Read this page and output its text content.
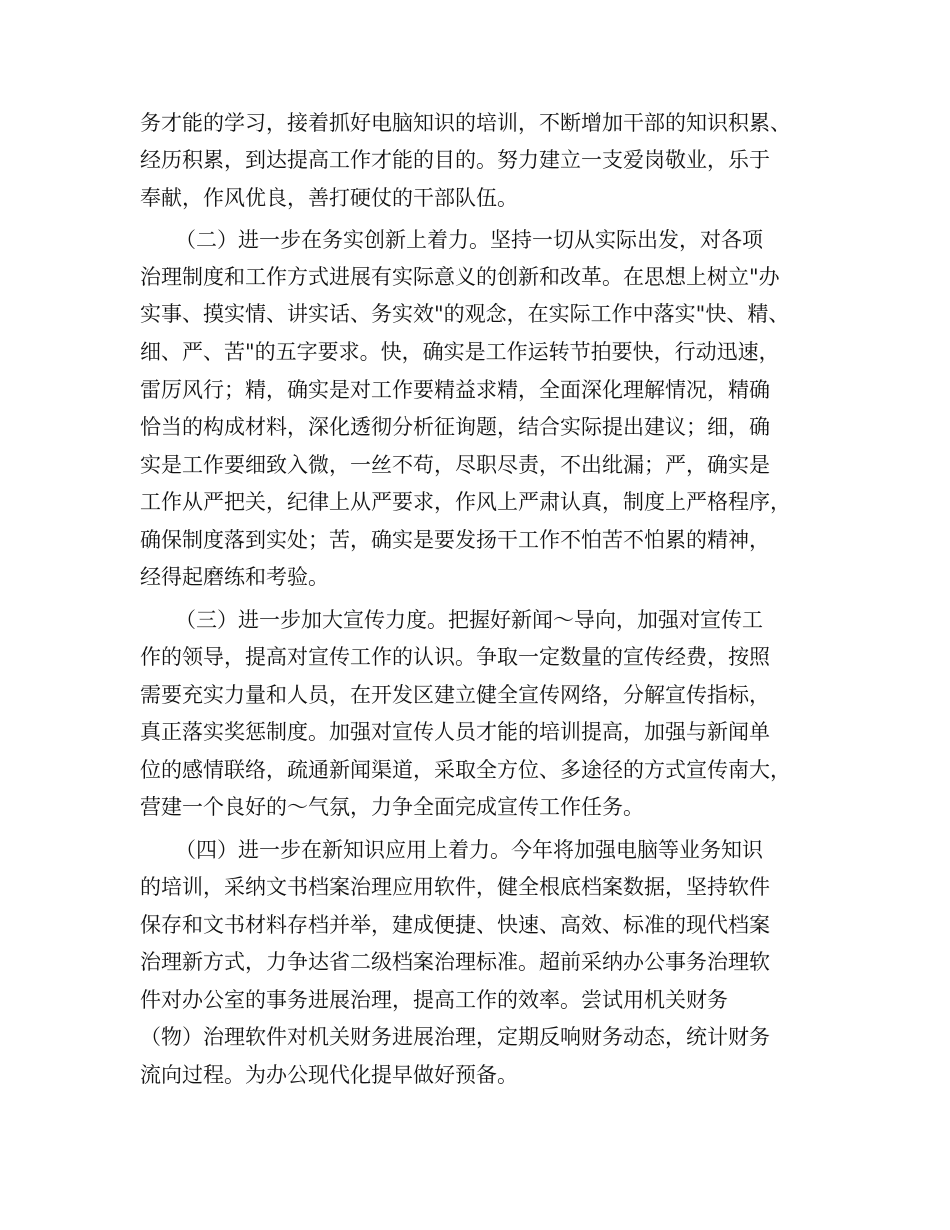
务才能的学习，接着抓好电脑知识的培训，不断增加干部的知识积累、
经历积累，到达提高工作才能的目的。努力建立一支爱岗敬业，乐于
奉献，作风优良，善打硬仗的干部队伍。
（二）进一步在务实创新上着力。坚持一切从实际出发，对各项
治理制度和工作方式进展有实际意义的创新和改革。在思想上树立"办
实事、摸实情、讲实话、务实效"的观念，在实际工作中落实"快、精、
细、严、苦"的五字要求。快，确实是工作运转节拍要快，行动迅速，
雷厉风行；精，确实是对工作要精益求精，全面深化理解情况，精确
恰当的构成材料，深化透彻分析征询题，结合实际提出建议；细，确
实是工作要细致入微，一丝不苟，尽职尽责，不出纰漏；严，确实是
工作从严把关，纪律上从严要求，作风上严肃认真，制度上严格程序，
确保制度落到实处；苦，确实是要发扬干工作不怕苦不怕累的精神，
经得起磨练和考验。
（三）进一步加大宣传力度。把握好新闻～导向，加强对宣传工
作的领导，提高对宣传工作的认识。争取一定数量的宣传经费，按照
需要充实力量和人员，在开发区建立健全宣传网络，分解宣传指标，
真正落实奖惩制度。加强对宣传人员才能的培训提高，加强与新闻单
位的感情联络，疏通新闻渠道，采取全方位、多途径的方式宣传南大，
营建一个良好的～气氛，力争全面完成宣传工作任务。
（四）进一步在新知识应用上着力。今年将加强电脑等业务知识
的培训，采纳文书档案治理应用软件，健全根底档案数据，坚持软件
保存和文书材料存档并举，建成便捷、快速、高效、标准的现代档案
治理新方式，力争达省二级档案治理标准。超前采纳办公事务治理软
件对办公室的事务进展治理，提高工作的效率。尝试用机关财务
（物）治理软件对机关财务进展治理，定期反响财务动态，统计财务
流向过程。为办公现代化提早做好预备。
